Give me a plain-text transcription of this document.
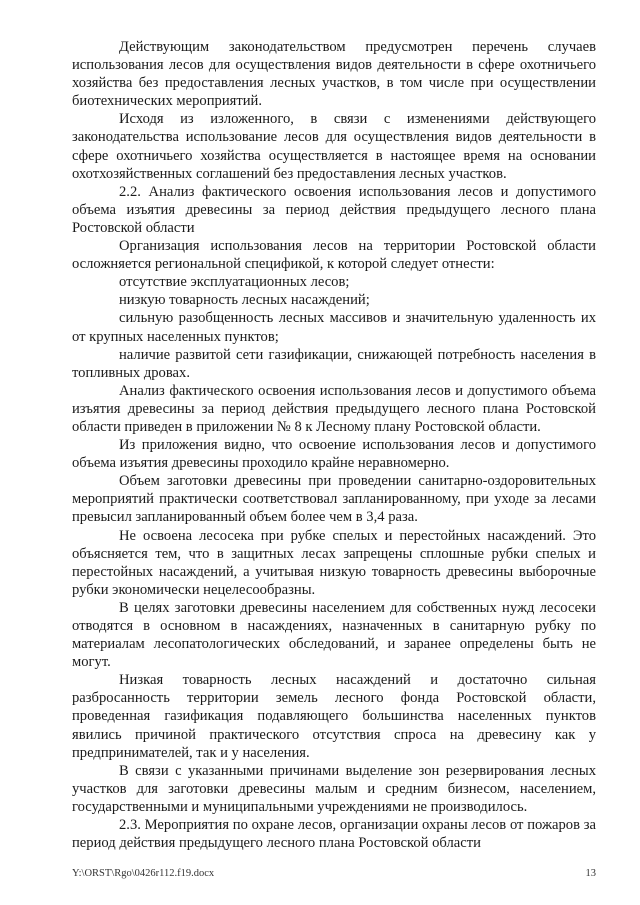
Действующим законодательством предусмотрен перечень случаев использования лесов для осуществления видов деятельности в сфере охотничьего хозяйства без предоставления лесных участков, в том числе при осуществлении биотехнических мероприятий.

Исходя из изложенного, в связи с изменениями действующего законодательства использование лесов для осуществления видов деятельности в сфере охотничьего хозяйства осуществляется в настоящее время на основании охотхозяйственных соглашений без предоставления лесных участков.

2.2. Анализ фактического освоения использования лесов и допустимого объема изъятия древесины за период действия предыдущего лесного плана Ростовской области

Организация использования лесов на территории Ростовской области осложняется региональной спецификой, к которой следует отнести:

отсутствие эксплуатационных лесов;

низкую товарность лесных насаждений;

сильную разобщенность лесных массивов и значительную удаленность их от крупных населенных пунктов;

наличие развитой сети газификации, снижающей потребность населения в топливных дровах.

Анализ фактического освоения использования лесов и допустимого объема изъятия древесины за период действия предыдущего лесного плана Ростовской области приведен в приложении № 8 к Лесному плану Ростовской области.

Из приложения видно, что освоение использования лесов и допустимого объема изъятия древесины проходило крайне неравномерно.

Объем заготовки древесины при проведении санитарно-оздоровительных мероприятий практически соответствовал запланированному, при уходе за лесами превысил запланированный объем более чем в 3,4 раза.

Не освоена лесосека при рубке спелых и перестойных насаждений. Это объясняется тем, что в защитных лесах запрещены сплошные рубки спелых и перестойных насаждений, а учитывая низкую товарность древесины выборочные рубки экономически нецелесообразны.

В целях заготовки древесины населением для собственных нужд лесосеки отводятся в основном в насаждениях, назначенных в санитарную рубку по материалам лесопатологических обследований, и заранее определены быть не могут.

Низкая товарность лесных насаждений и достаточно сильная разбросанность территории земель лесного фонда Ростовской области, проведенная газификация подавляющего большинства населенных пунктов явились причиной практического отсутствия спроса на древесину как у предпринимателей, так и у населения.

В связи с указанными причинами выделение зон резервирования лесных участков для заготовки древесины малым и средним бизнесом, населением, государственными и муниципальными учреждениями не производилось.

2.3. Мероприятия по охране лесов, организации охраны лесов от пожаров за период действия предыдущего лесного плана Ростовской области

Y:\ORST\Rgo\0426r112.f19.docx	13
